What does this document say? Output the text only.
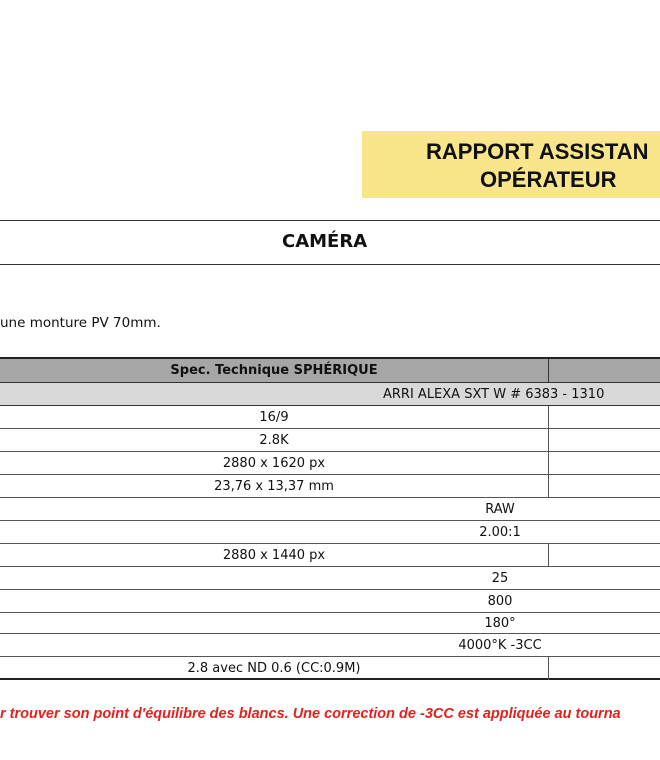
RAPPORT ASSISTAN
OPÉRATEUR
CAMÉRA
une monture PV 70mm.
Spec. Technique SPHÉRIQUE
ARRI ALEXA SXT W # 6383 - 1310
16/9
2.8K
2880 x 1620 px
23,76 x 13,37 mm
RAW
2.00:1
2880 x 1440 px
25
800
180°
4000°K -3CC
2.8 avec ND 0.6 (CC:0.9M)
r trouver son point d'équilibre des blancs. Une correction de -3CC est appliquée au tourna
